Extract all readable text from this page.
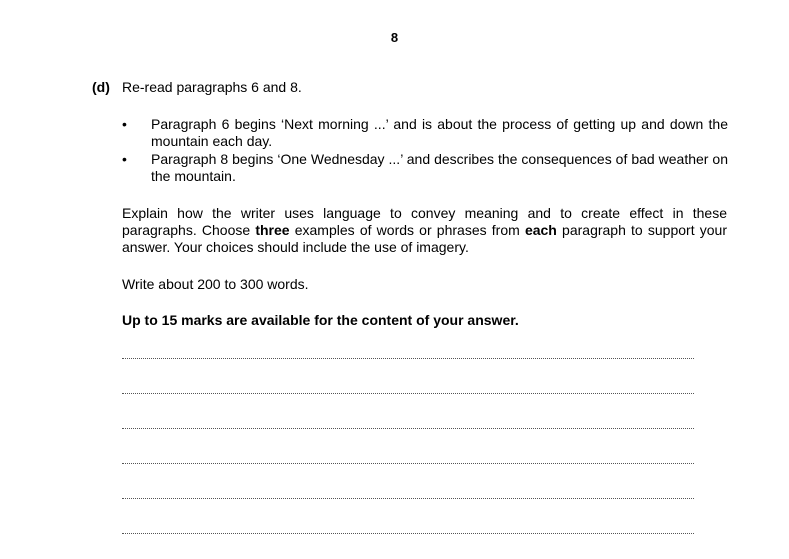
8
(d) Re-read paragraphs 6 and 8.
• Paragraph 6 begins ‘Next morning ...’ and is about the process of getting up and down the mountain each day.
• Paragraph 8 begins ‘One Wednesday ...’ and describes the consequences of bad weather on the mountain.

Explain how the writer uses language to convey meaning and to create effect in these paragraphs. Choose three examples of words or phrases from each paragraph to support your answer. Your choices should include the use of imagery.

Write about 200 to 300 words.

Up to 15 marks are available for the content of your answer.
